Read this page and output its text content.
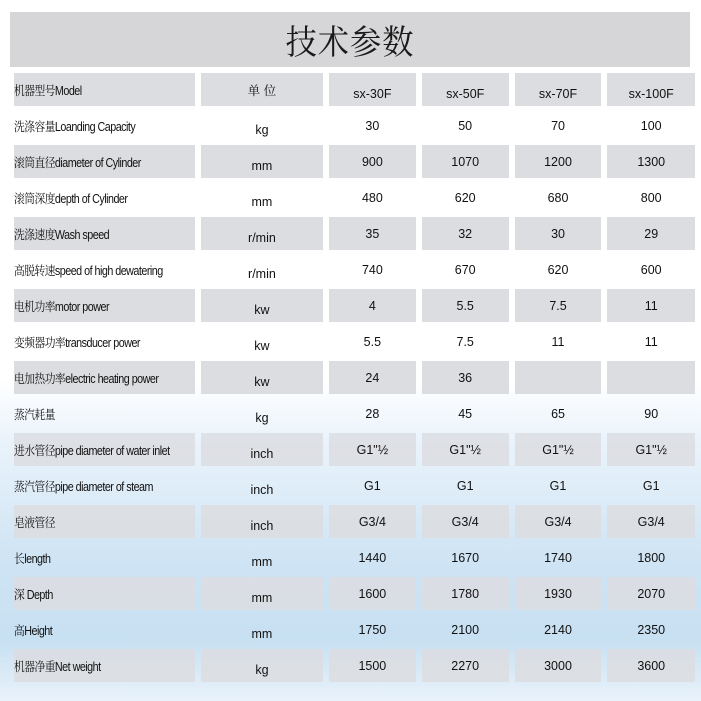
技术参数
机器型号Model	单 位	sx-30F	sx-50F	sx-70F	sx-100F
洗涤容量Loanding Capacity	kg	30	50	70	100
滚筒直径diameter of Cylinder	mm	900	1070	1200	1300
滚筒深度depth of Cylinder	mm	480	620	680	800
洗涤速度Wash speed	r/min	35	32	30	29
高脱转速speed of high dewatering	r/min	740	670	620	600
电机功率motor power	kw	4	5.5	7.5	11
变频器功率transducer power	kw	5.5	7.5	11	11
电加热功率electric heating power	kw	24	36		
蒸汽耗量	kg	28	45	65	90
进水管径pipe diameter of water inlet	inch	G1"½	G1"½	G1"½	G1"½
蒸汽管径pipe diameter of steam	inch	G1	G1	G1	G1
皂液管径	inch	G3/4	G3/4	G3/4	G3/4
长length	mm	1440	1670	1740	1800
深 Depth	mm	1600	1780	1930	2070
高Height	mm	1750	2100	2140	2350
机器净重Net weight	kg	1500	2270	3000	3600
